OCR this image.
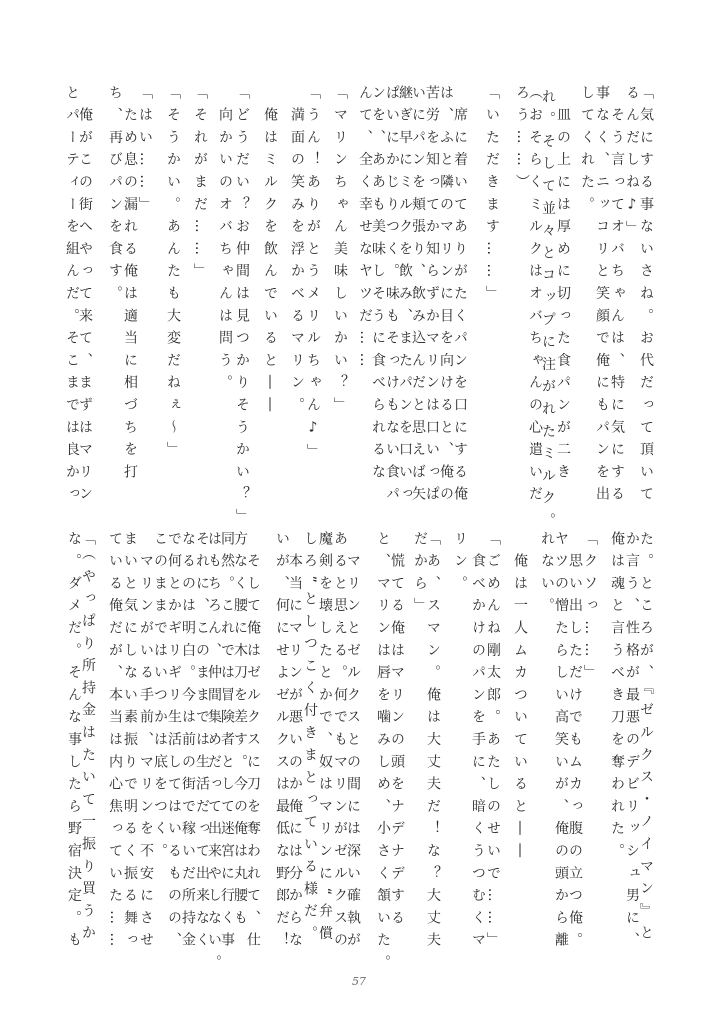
「気にする事ないさね。お代だって頂いて
るんだしね♪」
　そう言ってオバちゃんは、特に気にする
事なく、ニッコリと笑顔で俺にもパンを出
してくれた。
　皿の上には厚めに切った食パンが二き
れ。そして並々とコップに注がれたミルク。
（おそらくミルクはオバちゃんの心遣いだ
ろう……）
「いただきます……」
　席に着いてありがたくパンを口にする俺
は、ふと隣のマリンに目を向けると、俺の
苦労を知ってか知らずかマリンは口いっぱ
いにパンを頬張り、飲み込んだと思えば矢
継ぎ早にミルクを飲み、またパンを口いっ
ぱいにかじりつく。味もそっけもない食パ
ンを、ああも美味しそうに食べられるな
んて、全く幸せなヤツだ……
「マリンちゃん美味しいかい？」
「うん！ありがとうメリルちゃん♪」
　満面の笑みを浮かべるマリン。
　俺はミルクを飲んでいると――
「どうだい？お仲間は見つかりそうかい？」
　向かいのオバちゃんは問う。
「それがまだ……」
「そうかい。あんたも大変だねぇ～」
「はい……」
　ため息の漏れる俺は適当に相づちを打
ち、再びパンを食す。
　俺がこの街へやって来て、まずはマリン
とパーティーを組んだ。そこまでは良かっ
た。ところが、『ゼルクス・ノイマン』と
か言う、性格が最悪のデビリッシュ男に、
俺は魂と言うべき刀を奪われた。
「クソっ……」
　思い出しただけでもムカっ腹の立つ俺。
ヤツの憎たらしい高笑いが、俺の頭から離
れない。
　俺は一人ムカついていると――
「ごめんね剛太郎。あたしのせいで……」
　食べかけのパンを手に、暗くうつむくマ
リン。
「あ、スマン。俺は大丈夫だ！な？大丈夫
だから」
　慌てる俺はマリンの頭をナデナデする
と、マリンは唇を噛みしめ、小さく頷いた。
　マリンとゼルクスとの間には深い確執が
あると思える。何でもマリンがゼルクスの
魔剣を壊したとかで、奴はマリンに“弁償
しろ”としつこく付きまとっている様だ。
　本当にマリンが悪いのか俺には分からな
いが、何にせよゼルクスは最低な野郎だ！
　そして俺はゼルクスに刀を奪われて、仕
方なく腰に木刀を差す。今の俺は丸腰も
同然。これでは冒険者として迷宮に行く事
はもちろん、仲間集めだって出来やしない。
それに、このままでは生活だって出来なく
なるのは明白。今は前の街で稼いだ所持金
で何とかギリギリ生活してはいるものの、
このままではいつかは底をつく。
　マリンがいる手前、マリンを不安にさせ
まいと気にしない素振りで明るく振る舞っ
ている俺だが、本当は内心焦っていた……
「（やっぱり所持金はたいて一振り買うか
な。ダメだ。そんな事したら野宿決定。も
57
